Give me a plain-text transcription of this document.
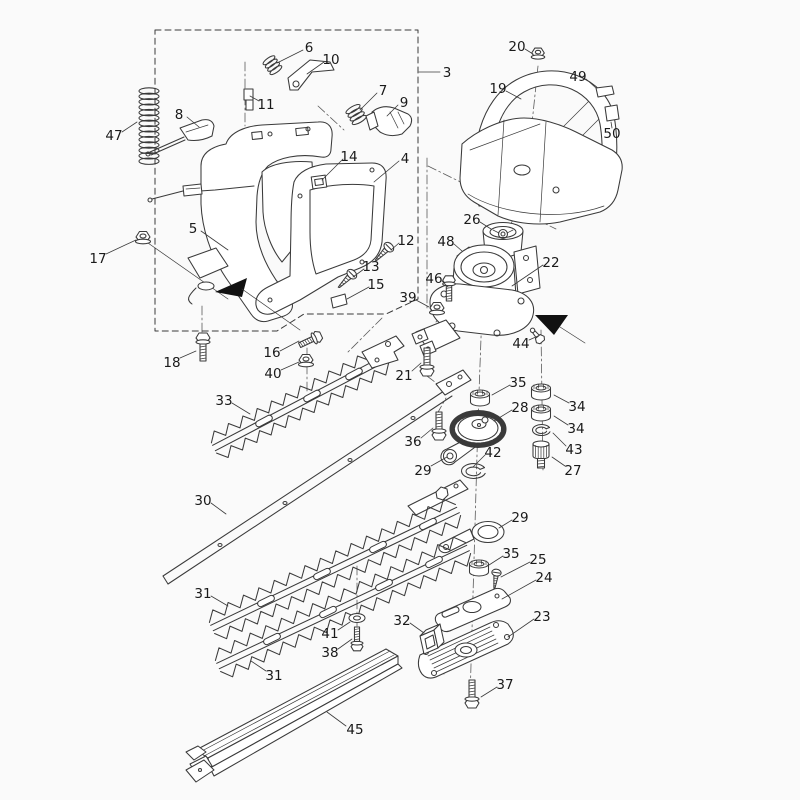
3
4
5
6
7
8
9
10
11
12
13
14
15
16
17
18
19
20
21
22
23
24
25
26
27
28
29
29
30
31
31
32
33	34
34
35
35
36
37
38
39
40
41
42	43
44
45
46
47
48
49
50
